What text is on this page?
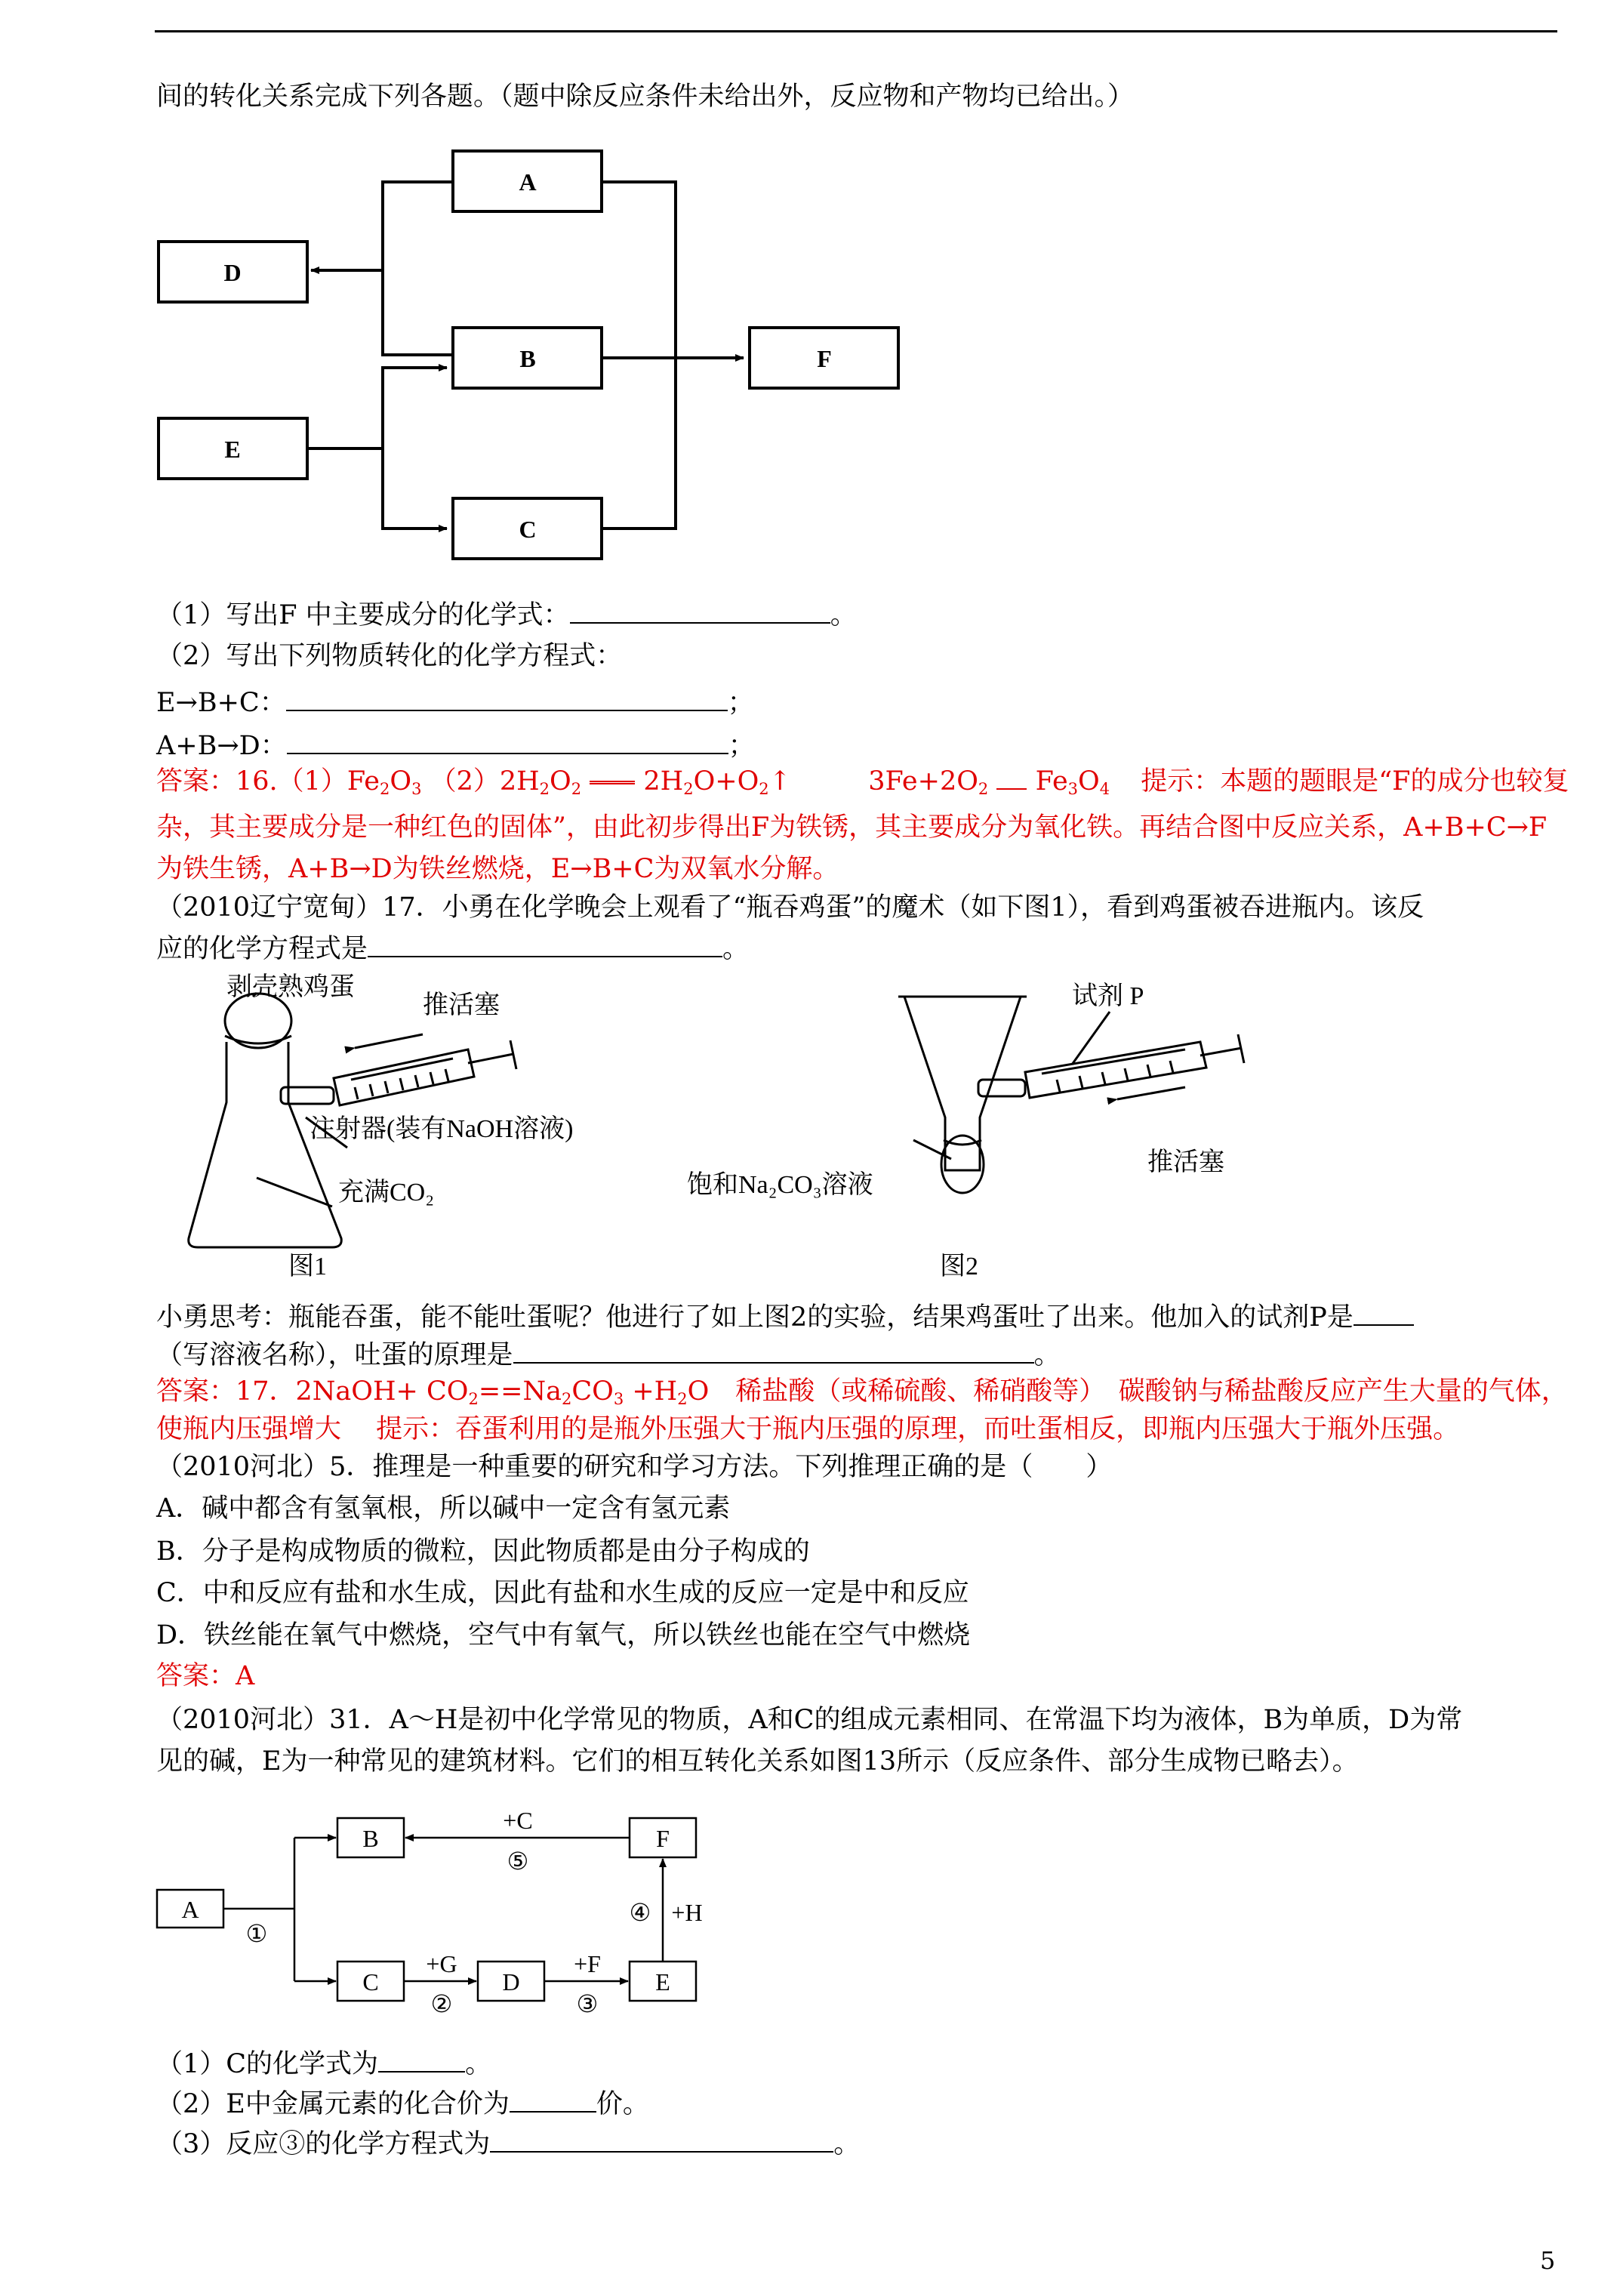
间的转化关系完成下列各题。（题中除反应条件未给出外，反应物和产物均已给出。）
A
D
B	F
E
C
（1）写出F 中主要成分的化学式：	。
（2）写出下列物质转化的化学方程式：
E→B+C：	；
A+B→D：	；
答案：$16.(1)Fe_2O_3$ $(2)2H_2O_2$ $2H_2O+O_2↑$	$3Fe+2O_2$ $Fe_3O_4$ 提示：本题的题眼是“F的成分也较复
杂，其主要成分是一种红色的固体”，由此初步得出F为铁锈，其主要成分为氧化铁。再结合图中反应关系，A+B+C→F
为铁生锈，A+B→D为铁丝燃烧，E→B+C为双氧水分解。
（2010辽宁宽甸）17．小勇在化学晚会上观看了“瓶吞鸡蛋”的魔术（如下图1），看到鸡蛋被吞进瓶内。该反
应的化学方程式是	。
剥壳熟鸡蛋
推活塞
注射器(装有NaOH溶液)
充满CO₂
图1
试剂 P
饱和Na₂CO₃溶液
推活塞
图2
小勇思考：瓶能吞蛋，能不能吐蛋呢？他进行了如上图2的实验，结果鸡蛋吐了出来。他加入的试剂P是
（写溶液名称），吐蛋的原理是	。
答案：17．2NaOH+ $CO_2==Na_2CO_3 +H_2O$　稀盐酸（或稀硫酸、稀硝酸等）　碳酸钠与稀盐酸反应产生大量的气体，
使瓶内压强增大　 提示：吞蛋利用的是瓶外压强大于瓶内压强的原理，而吐蛋相反，即瓶内压强大于瓶外压强。
（2010河北）5．推理是一种重要的研究和学习方法。下列推理正确的是（　　）
A．碱中都含有氢氧根，所以碱中一定含有氢元素
B．分子是构成物质的微粒，因此物质都是由分子构成的
C．中和反应有盐和水生成，因此有盐和水生成的反应一定是中和反应
D．铁丝能在氧气中燃烧，空气中有氧气，所以铁丝也能在空气中燃烧
答案：A
（2010河北）31．A～H是初中化学常见的物质，A和C的组成元素相同、在常温下均为液体，B为单质，D为常
见的碱，E为一种常见的建筑材料。它们的相互转化关系如图13所示（反应条件、部分生成物已略去）。
A
B	F
C	D	E
+C
⑤
①
+G
②
+F
③
④ +H
（1）C的化学式为	。
（2）E中金属元素的化合价为	价。
（3）反应③的化学方程式为	。
5
